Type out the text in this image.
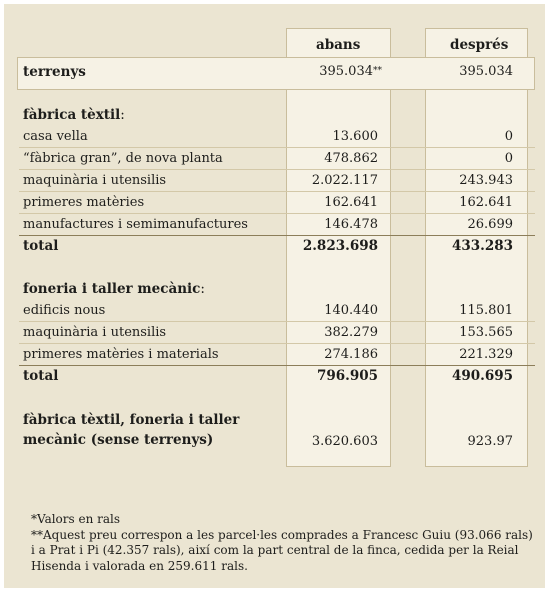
abans	després
terrenys	395.034**	395.034
fàbrica tèxtil:
casa vella	13.600	0
“fàbrica gran”, de nova planta	478.862	0
maquinària i utensilis	2.022.117	243.943
primeres matèries	162.641	162.641
manufactures i semimanufactures	146.478	26.699
total	2.823.698	433.283
foneria i taller mecànic:
edificis nous	140.440	115.801
maquinària i utensilis	382.279	153.565
primeres matèries i materials	274.186	221.329
total	796.905	490.695
fàbrica tèxtil, foneria i taller
mecànic (sense terrenys)	3.620.603	923.97
*Valors en rals
**Aquest preu correspon a les parcel·les comprades a Francesc Guiu (93.066 rals)
i a Prat i Pi (42.357 rals), així com la part central de la finca, cedida per la Reial
Hisenda i valorada en 259.611 rals.
